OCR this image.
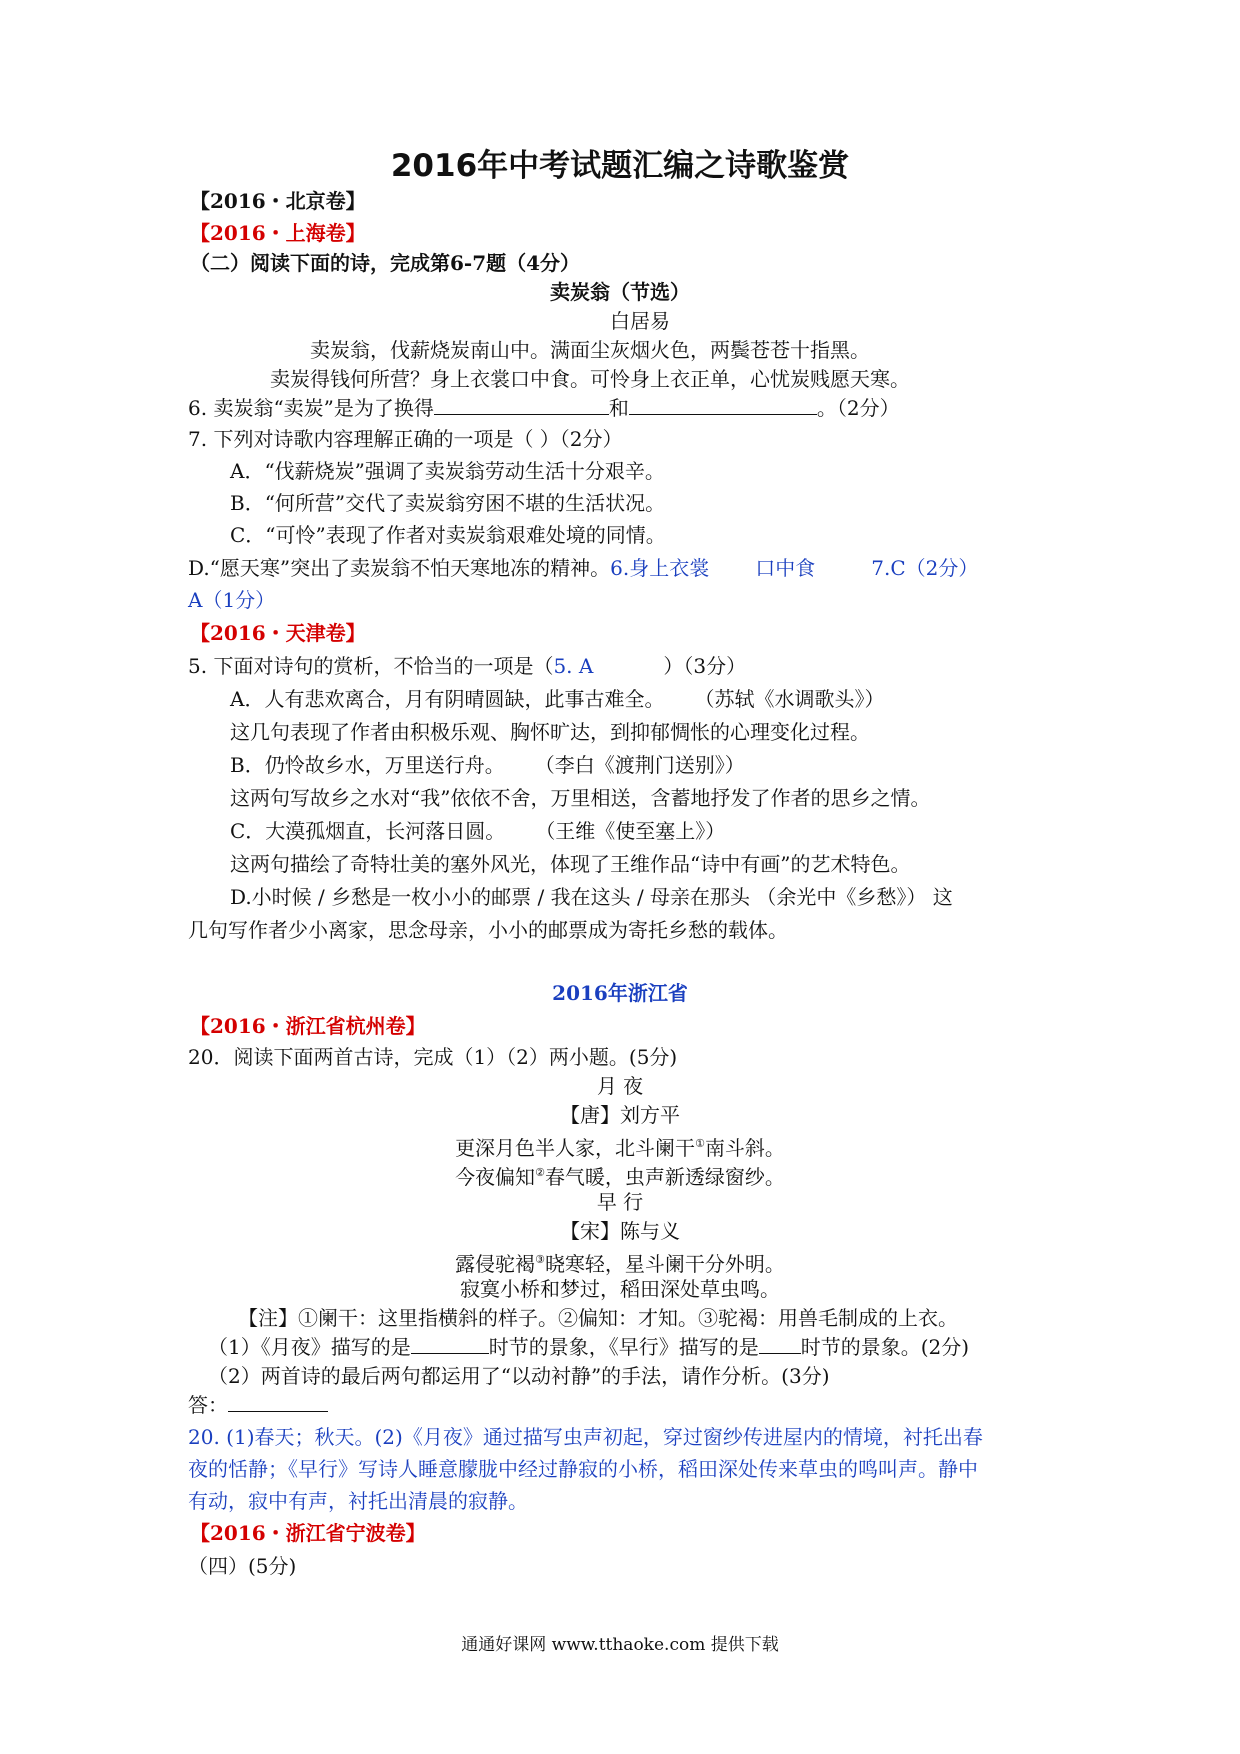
2016年中考试题汇编之诗歌鉴赏
【2016・北京卷】
【2016・上海卷】
（二）阅读下面的诗，完成第6-7题（4分）
卖炭翁（节选）
白居易
卖炭翁，伐薪烧炭南山中。满面尘灰烟火色，两鬓苍苍十指黑。
卖炭得钱何所营？身上衣裳口中食。可怜身上衣正单，心忧炭贱愿天寒。
6. 卖炭翁“卖炭”是为了换得	和	。（2分）
7. 下列对诗歌内容理解正确的一项是（ ）（2分）
A．“伐薪烧炭”强调了卖炭翁劳动生活十分艰辛。
B．“何所营”交代了卖炭翁穷困不堪的生活状况。
C．“可怜”表现了作者对卖炭翁艰难处境的同情。
D.“愿天寒”突出了卖炭翁不怕天寒地冻的精神。6.身上衣裳 口中食	7.C（2分）
A（1分）
【2016・天津卷】
5. 下面对诗句的赏析，不恰当的一项是（5. A	）（3分）
A．人有悲欢离合，月有阴晴圆缺，此事古难全。 （苏轼《水调歌头》）
这几句表现了作者由积极乐观、胸怀旷达，到抑郁惆怅的心理变化过程。
B．仍怜故乡水，万里送行舟。 （李白《渡荆门送别》）
这两句写故乡之水对“我”依依不舍，万里相送，含蓄地抒发了作者的思乡之情。
C．大漠孤烟直，长河落日圆。 （王维《使至塞上》）
这两句描绘了奇特壮美的塞外风光，体现了王维作品“诗中有画”的艺术特色。
D.小时候 / 乡愁是一枚小小的邮票 / 我在这头 / 母亲在那头 （余光中《乡愁》） 这
几句写作者少小离家，思念母亲，小小的邮票成为寄托乡愁的载体。
2016年浙江省
【2016・浙江省杭州卷】
20．阅读下面两首古诗，完成（1）（2）两小题。(5分)
月 夜
【唐】刘方平
更深月色半人家，北斗阑干①南斗斜。
今夜偏知②春气暖，虫声新透绿窗纱。
早 行
【宋】陈与义
露侵驼褐③晓寒轻，星斗阑干分外明。
寂寞小桥和梦过，稻田深处草虫鸣。
【注】①阑干：这里指横斜的样子。②偏知：才知。③驼褐：用兽毛制成的上衣。
（1）《月夜》描写的是	时节的景象，《早行》描写的是 时节的景象。(2分)
（2）两首诗的最后两句都运用了“以动衬静”的手法，请作分析。(3分)
答：
20. (1)春天；秋天。(2)《月夜》通过描写虫声初起，穿过窗纱传进屋内的情境，衬托出春
夜的恬静；《早行》写诗人睡意朦胧中经过静寂的小桥，稻田深处传来草虫的鸣叫声。静中
有动，寂中有声，衬托出清晨的寂静。
【2016・浙江省宁波卷】
（四）(5分)
通通好课网 www.tthaoke.com 提供下载
